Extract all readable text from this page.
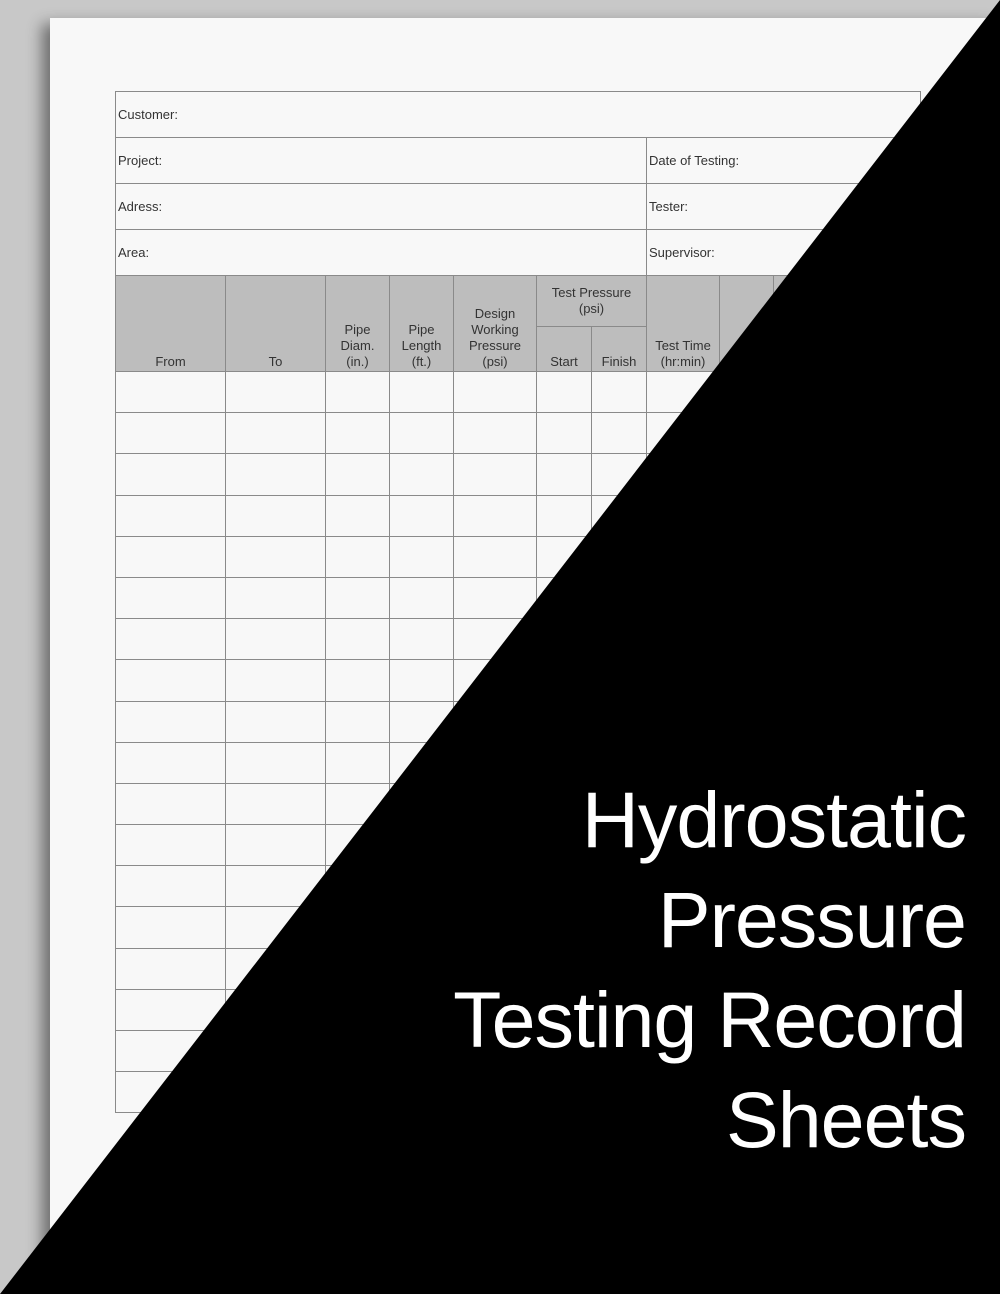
Customer:									
Project:							Date of Testing:		
Adress:							Tester:		
Area:							Supervisor:		
From	To	Pipe Diam. (in.)	Pipe Length (ft.)	Design Working Pressure (psi)	Test Pressure (psi)		Test Time (hr:min)		
					Start	Finish			

Hydrostatic
Pressure
Testing Record
Sheets
